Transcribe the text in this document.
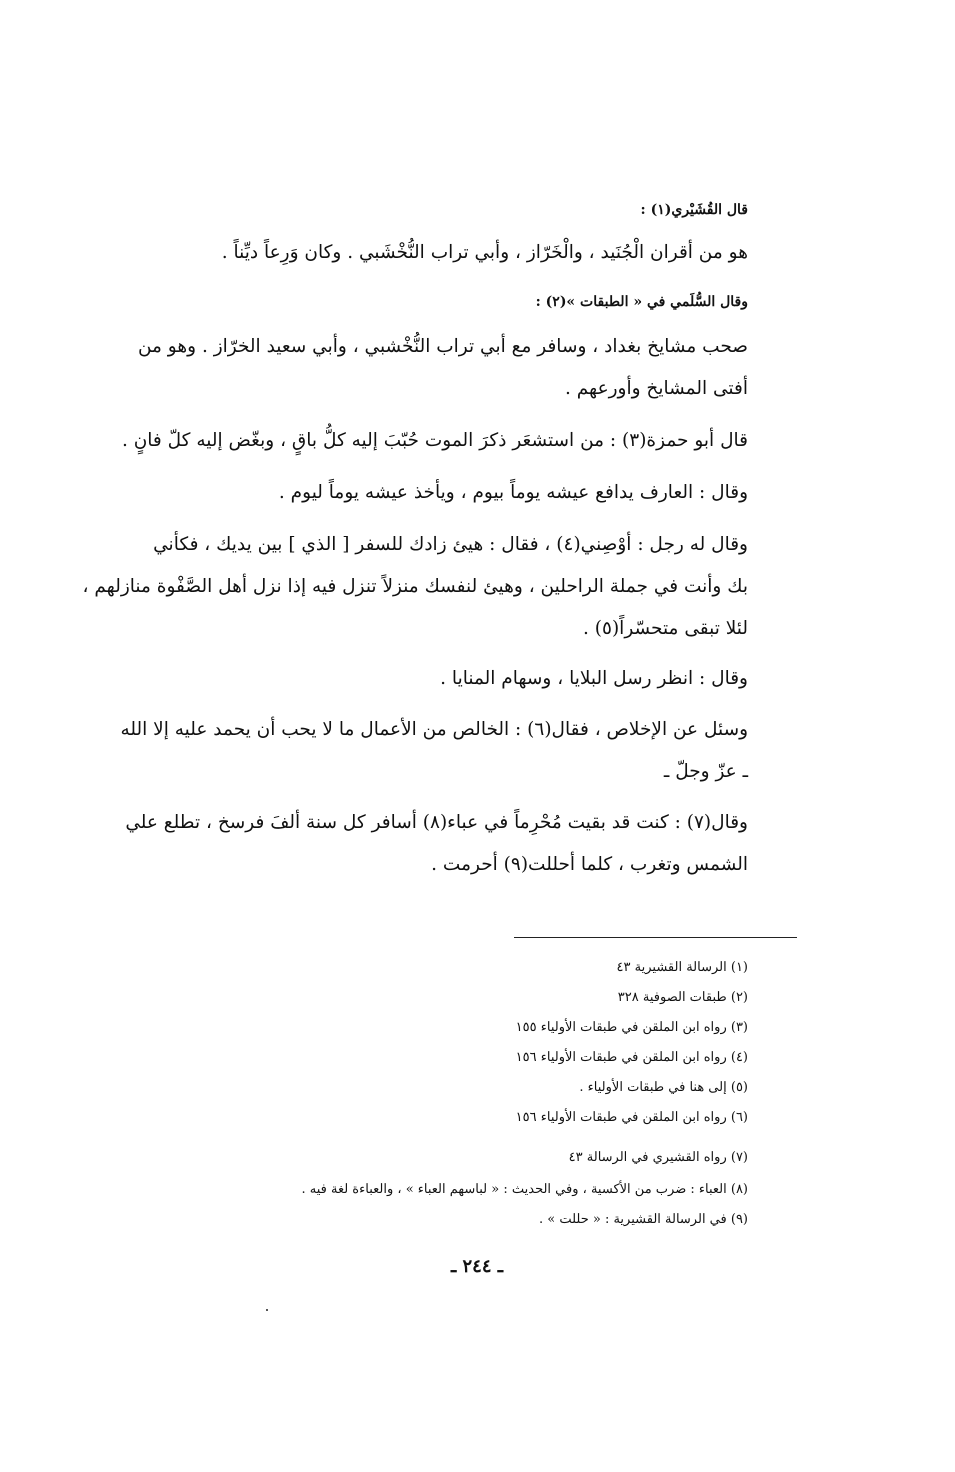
قال القُشَيْري(١) :
هو من أقران الْجُنَيد ، والْخَرّاز ، وأبي تراب النُّخْشَبي . وكان وَرِعاً ديِّناً .
وقال السُّلَمي في « الطبقات »(٢) :
صحب مشايخ بغداد ، وسافر مع أبي تراب النُّخْشبي ، وأبي سعيد الخرّاز . وهو من
أفتى المشايخ وأورعهم .
قال أبو حمزة(٣) : من استشعَر ذكرَ الموت حُبّبَ إليه كلُّ باقٍ ، وبغّض إليه كلّ فانٍ .
وقال : العارف يدافع عيشه يوماً بيوم ، ويأخذ عيشه يوماً ليوم .
وقال له رجل : أوْصِني(٤) ، فقال : هيئ زادك للسفر [ الذي ] بين يديك ، فكأني
بك وأنت في جملة الراحلين ، وهيئ لنفسك منزلاً تنزل فيه إذا نزل أهل الصَّفْوة منازلهم ،
لئلا تبقى متحسّراً(٥) .
وقال : انظر رسل البلايا ، وسهام المنايا .
وسئل عن الإخلاص ، فقال(٦) : الخالص من الأعمال ما لا يحب أن يحمد عليه إلا الله
ـ عزّ وجلّ ـ
وقال(٧) : كنت قد بقيت مُحْرِماً في عباء(٨) أسافر كل سنة ألفَ فرسخ ، تطلع علي
الشمس وتغرب ، كلما أحللت(٩) أحرمت .
(١) الرسالة القشيرية ٤٣
(٢) طبقات الصوفية ٣٢٨
(٣) رواه ابن الملقن في طبقات الأولياء ١٥٥
(٤) رواه ابن الملقن في طبقات الأولياء ١٥٦
(٥) إلى هنا في طبقات الأولياء .
(٦) رواه ابن الملقن في طبقات الأولياء ١٥٦
(٧) رواه القشيري في الرسالة ٤٣
(٨) العباء : ضرب من الأكسية ، وفي الحديث : « لباسهم العباء » ، والعباءة لغة فيه .
(٩) في الرسالة القشيرية : « حللت » .
ـ ٢٤٤ ـ
